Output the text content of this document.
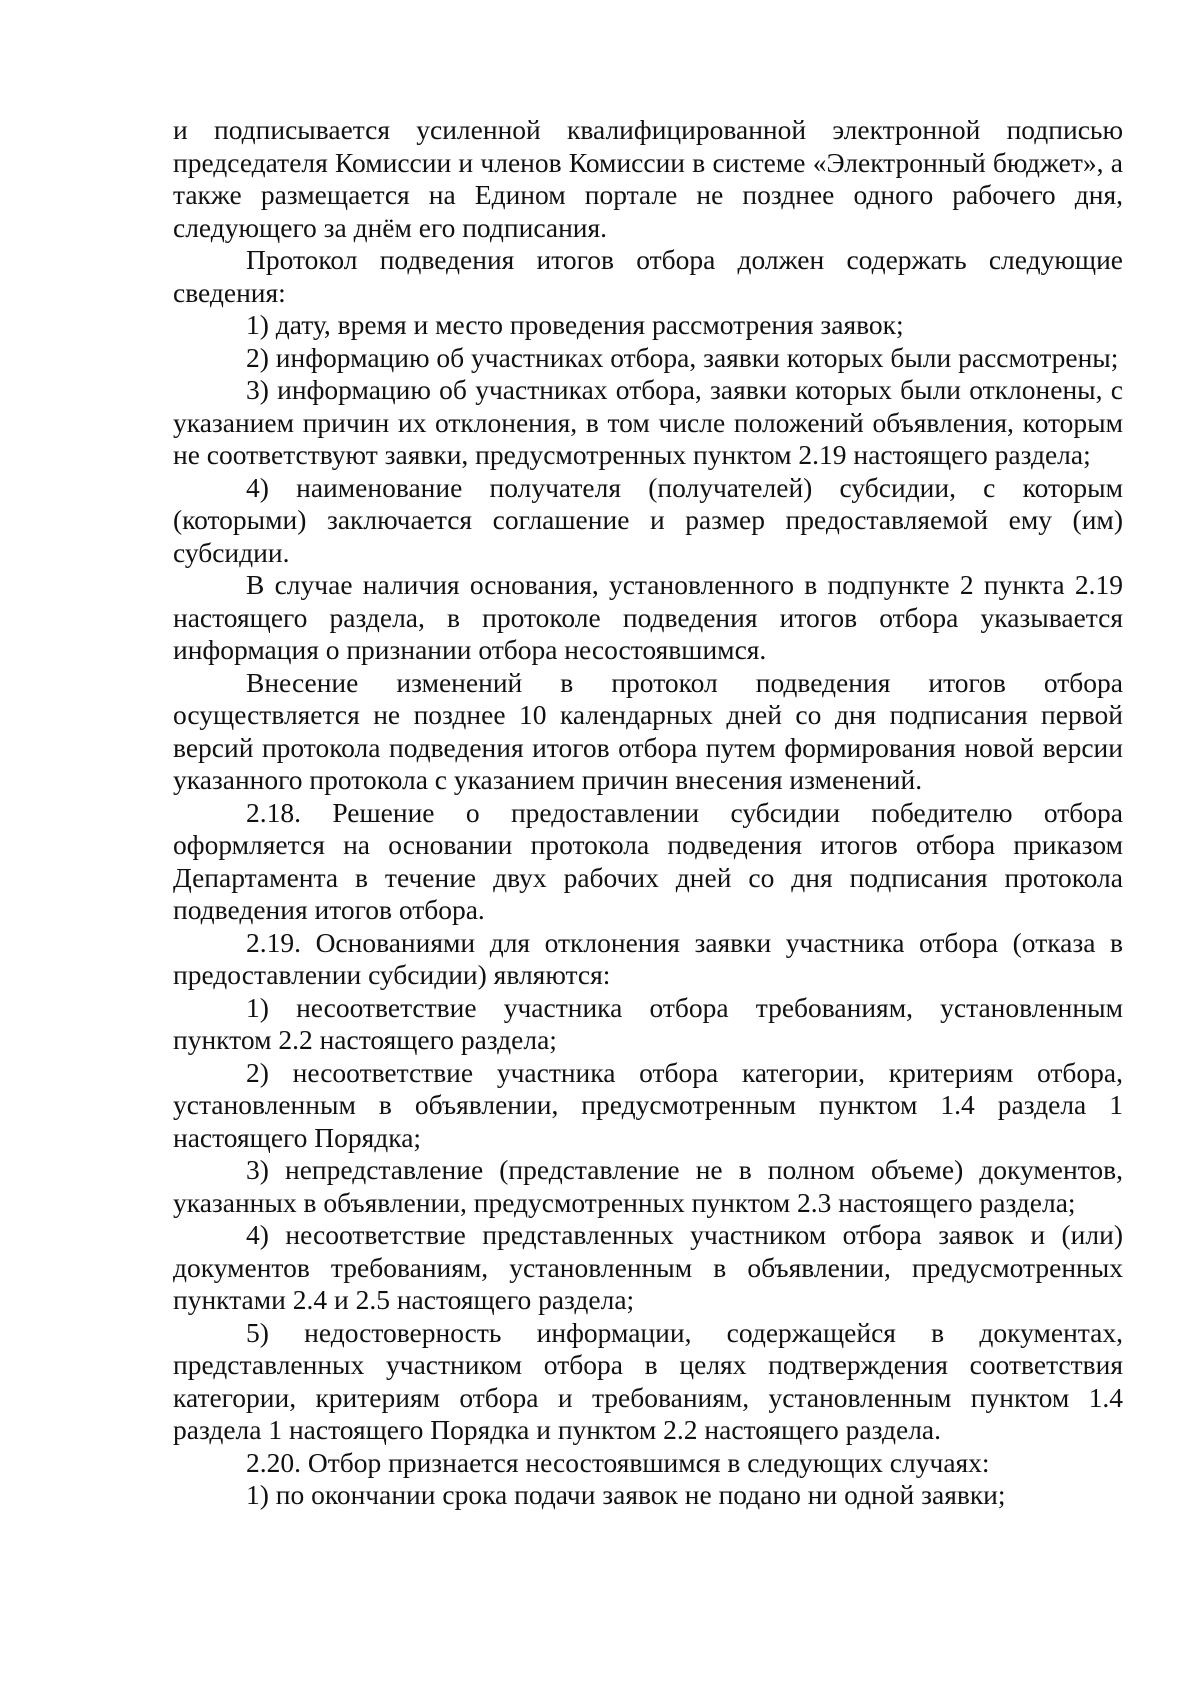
и подписывается усиленной квалифицированной электронной подписью председателя Комиссии и членов Комиссии в системе «Электронный бюджет», а также размещается на Едином портале не позднее одного рабочего дня, следующего за днём его подписания.

Протокол подведения итогов отбора должен содержать следующие сведения:

1) дату, время и место проведения рассмотрения заявок;

2) информацию об участниках отбора, заявки которых были рассмотрены;

3) информацию об участниках отбора, заявки которых были отклонены, с указанием причин их отклонения, в том числе положений объявления, которым не соответствуют заявки, предусмотренных пунктом 2.19 настоящего раздела;

4) наименование получателя (получателей) субсидии, с которым (которыми) заключается соглашение и размер предоставляемой ему (им) субсидии.

В случае наличия основания, установленного в подпункте 2 пункта 2.19 настоящего раздела, в протоколе подведения итогов отбора указывается информация о признании отбора несостоявшимся.

Внесение изменений в протокол подведения итогов отбора осуществляется не позднее 10 календарных дней со дня подписания первой версий протокола подведения итогов отбора путем формирования новой версии указанного протокола с указанием причин внесения изменений.

2.18. Решение о предоставлении субсидии победителю отбора оформляется на основании протокола подведения итогов отбора приказом Департамента в течение двух рабочих дней со дня подписания протокола подведения итогов отбора.

2.19. Основаниями для отклонения заявки участника отбора (отказа в предоставлении субсидии) являются:

1) несоответствие участника отбора требованиям, установленным пунктом 2.2 настоящего раздела;

2) несоответствие участника отбора категории, критериям отбора, установленным в объявлении, предусмотренным пунктом 1.4 раздела 1 настоящего Порядка;

3) непредставление (представление не в полном объеме) документов, указанных в объявлении, предусмотренных пунктом 2.3 настоящего раздела;

4) несоответствие представленных участником отбора заявок и (или) документов требованиям, установленным в объявлении, предусмотренных пунктами 2.4 и 2.5 настоящего раздела;

5) недостоверность информации, содержащейся в документах, представленных участником отбора в целях подтверждения соответствия категории, критериям отбора и требованиям, установленным пунктом 1.4 раздела 1 настоящего Порядка и пунктом 2.2 настоящего раздела.

2.20. Отбор признается несостоявшимся в следующих случаях:

1) по окончании срока подачи заявок не подано ни одной заявки;
